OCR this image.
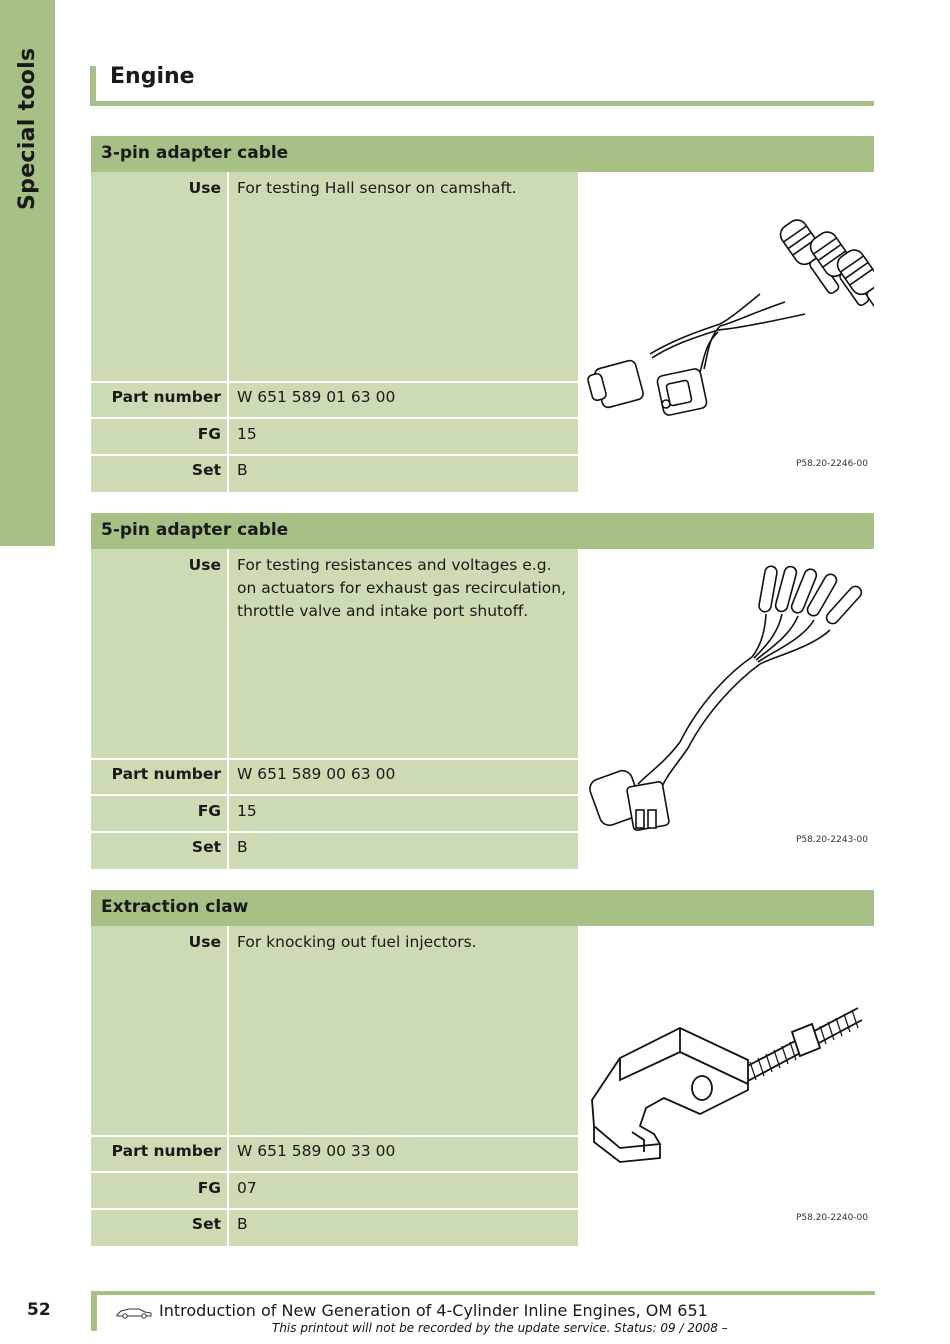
Special tools	Engine
3-pin adapter cable
Use	For testing Hall sensor on camshaft.
Part number	W 651 589 01 63 00
FG	15
Set	B	P58.20-2246-00
5-pin adapter cable
Use	For testing resistances and voltages e.g. on actuators for exhaust gas recirculation, throttle valve and intake port shutoff.
Part number	W 651 589 00 63 00
FG	15
Set	B	P58.20-2243-00
Extraction claw
Use	For knocking out fuel injectors.
Part number	W 651 589 00 33 00
FG	07
Set	B	P58.20-2240-00
52	Introduction of New Generation of 4-Cylinder Inline Engines, OM 651
This printout will not be recorded by the update service. Status: 09 / 2008 –
